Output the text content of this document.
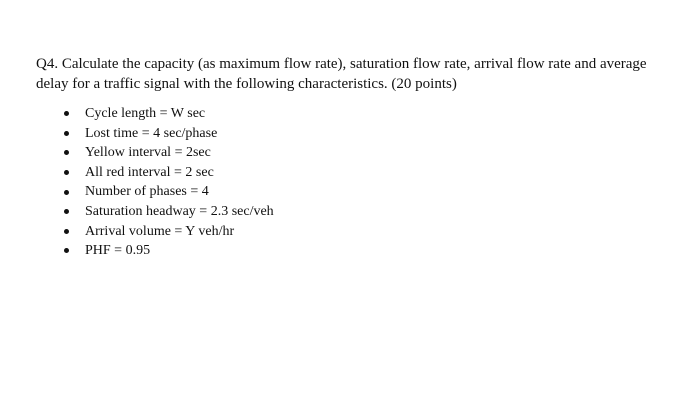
Q4. Calculate the capacity (as maximum flow rate), saturation flow rate, arrival flow rate and average delay for a traffic signal with the following characteristics. (20 points)

Cycle length = W sec
Lost time = 4 sec/phase
Yellow interval = 2sec
All red interval = 2 sec
Number of phases = 4
Saturation headway = 2.3 sec/veh
Arrival volume = Y veh/hr
PHF = 0.95
